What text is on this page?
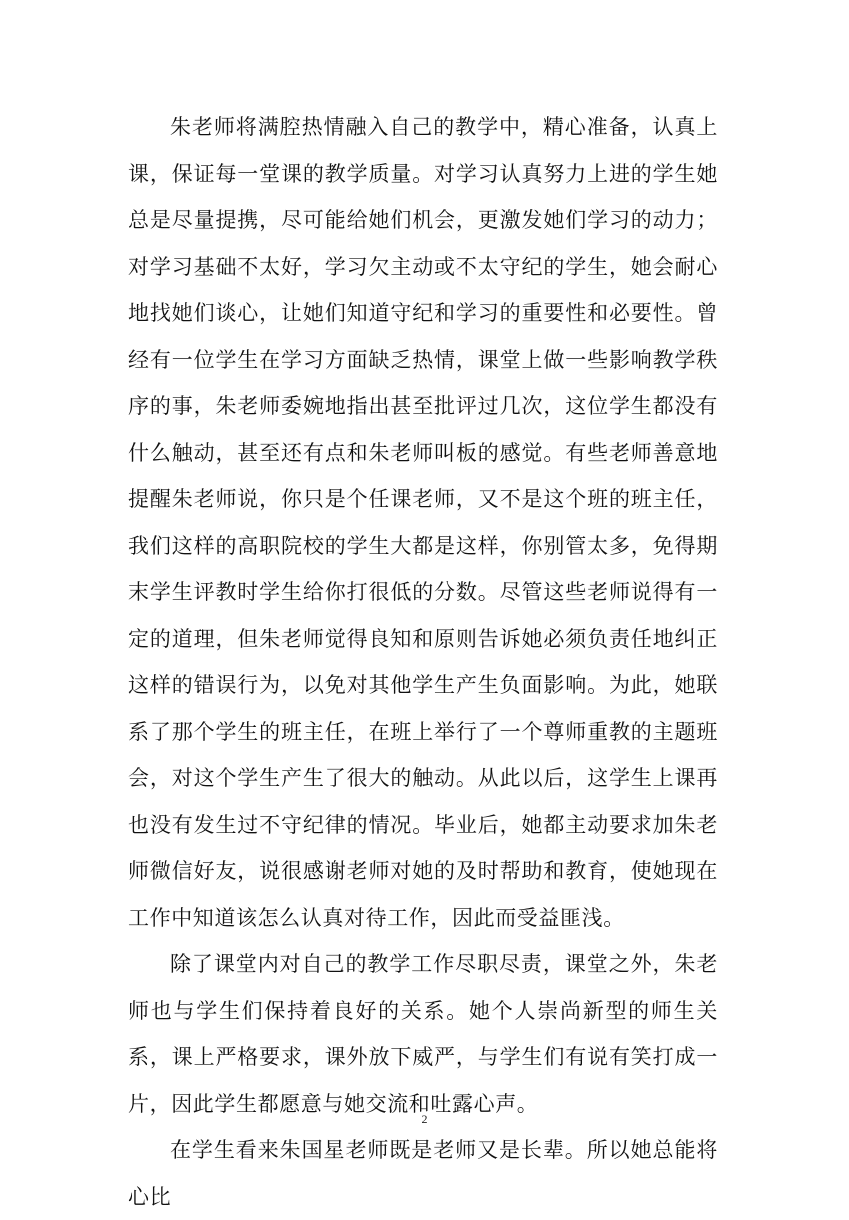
朱老师将满腔热情融入自己的教学中，精心准备，认真上课，保证每一堂课的教学质量。对学习认真努力上进的学生她总是尽量提携，尽可能给她们机会，更激发她们学习的动力；对学习基础不太好，学习欠主动或不太守纪的学生，她会耐心地找她们谈心，让她们知道守纪和学习的重要性和必要性。曾经有一位学生在学习方面缺乏热情，课堂上做一些影响教学秩序的事，朱老师委婉地指出甚至批评过几次，这位学生都没有什么触动，甚至还有点和朱老师叫板的感觉。有些老师善意地提醒朱老师说，你只是个任课老师，又不是这个班的班主任，我们这样的高职院校的学生大都是这样，你别管太多，免得期末学生评教时学生给你打很低的分数。尽管这些老师说得有一定的道理，但朱老师觉得良知和原则告诉她必须负责任地纠正这样的错误行为，以免对其他学生产生负面影响。为此，她联系了那个学生的班主任，在班上举行了一个尊师重教的主题班会，对这个学生产生了很大的触动。从此以后，这学生上课再也没有发生过不守纪律的情况。毕业后，她都主动要求加朱老师微信好友，说很感谢老师对她的及时帮助和教育，使她现在工作中知道该怎么认真对待工作，因此而受益匪浅。

除了课堂内对自己的教学工作尽职尽责，课堂之外，朱老师也与学生们保持着良好的关系。她个人崇尚新型的师生关系，课上严格要求，课外放下威严，与学生们有说有笑打成一片，因此学生都愿意与她交流和吐露心声。

在学生看来朱国星老师既是老师又是长辈。所以她总能将心比

2
